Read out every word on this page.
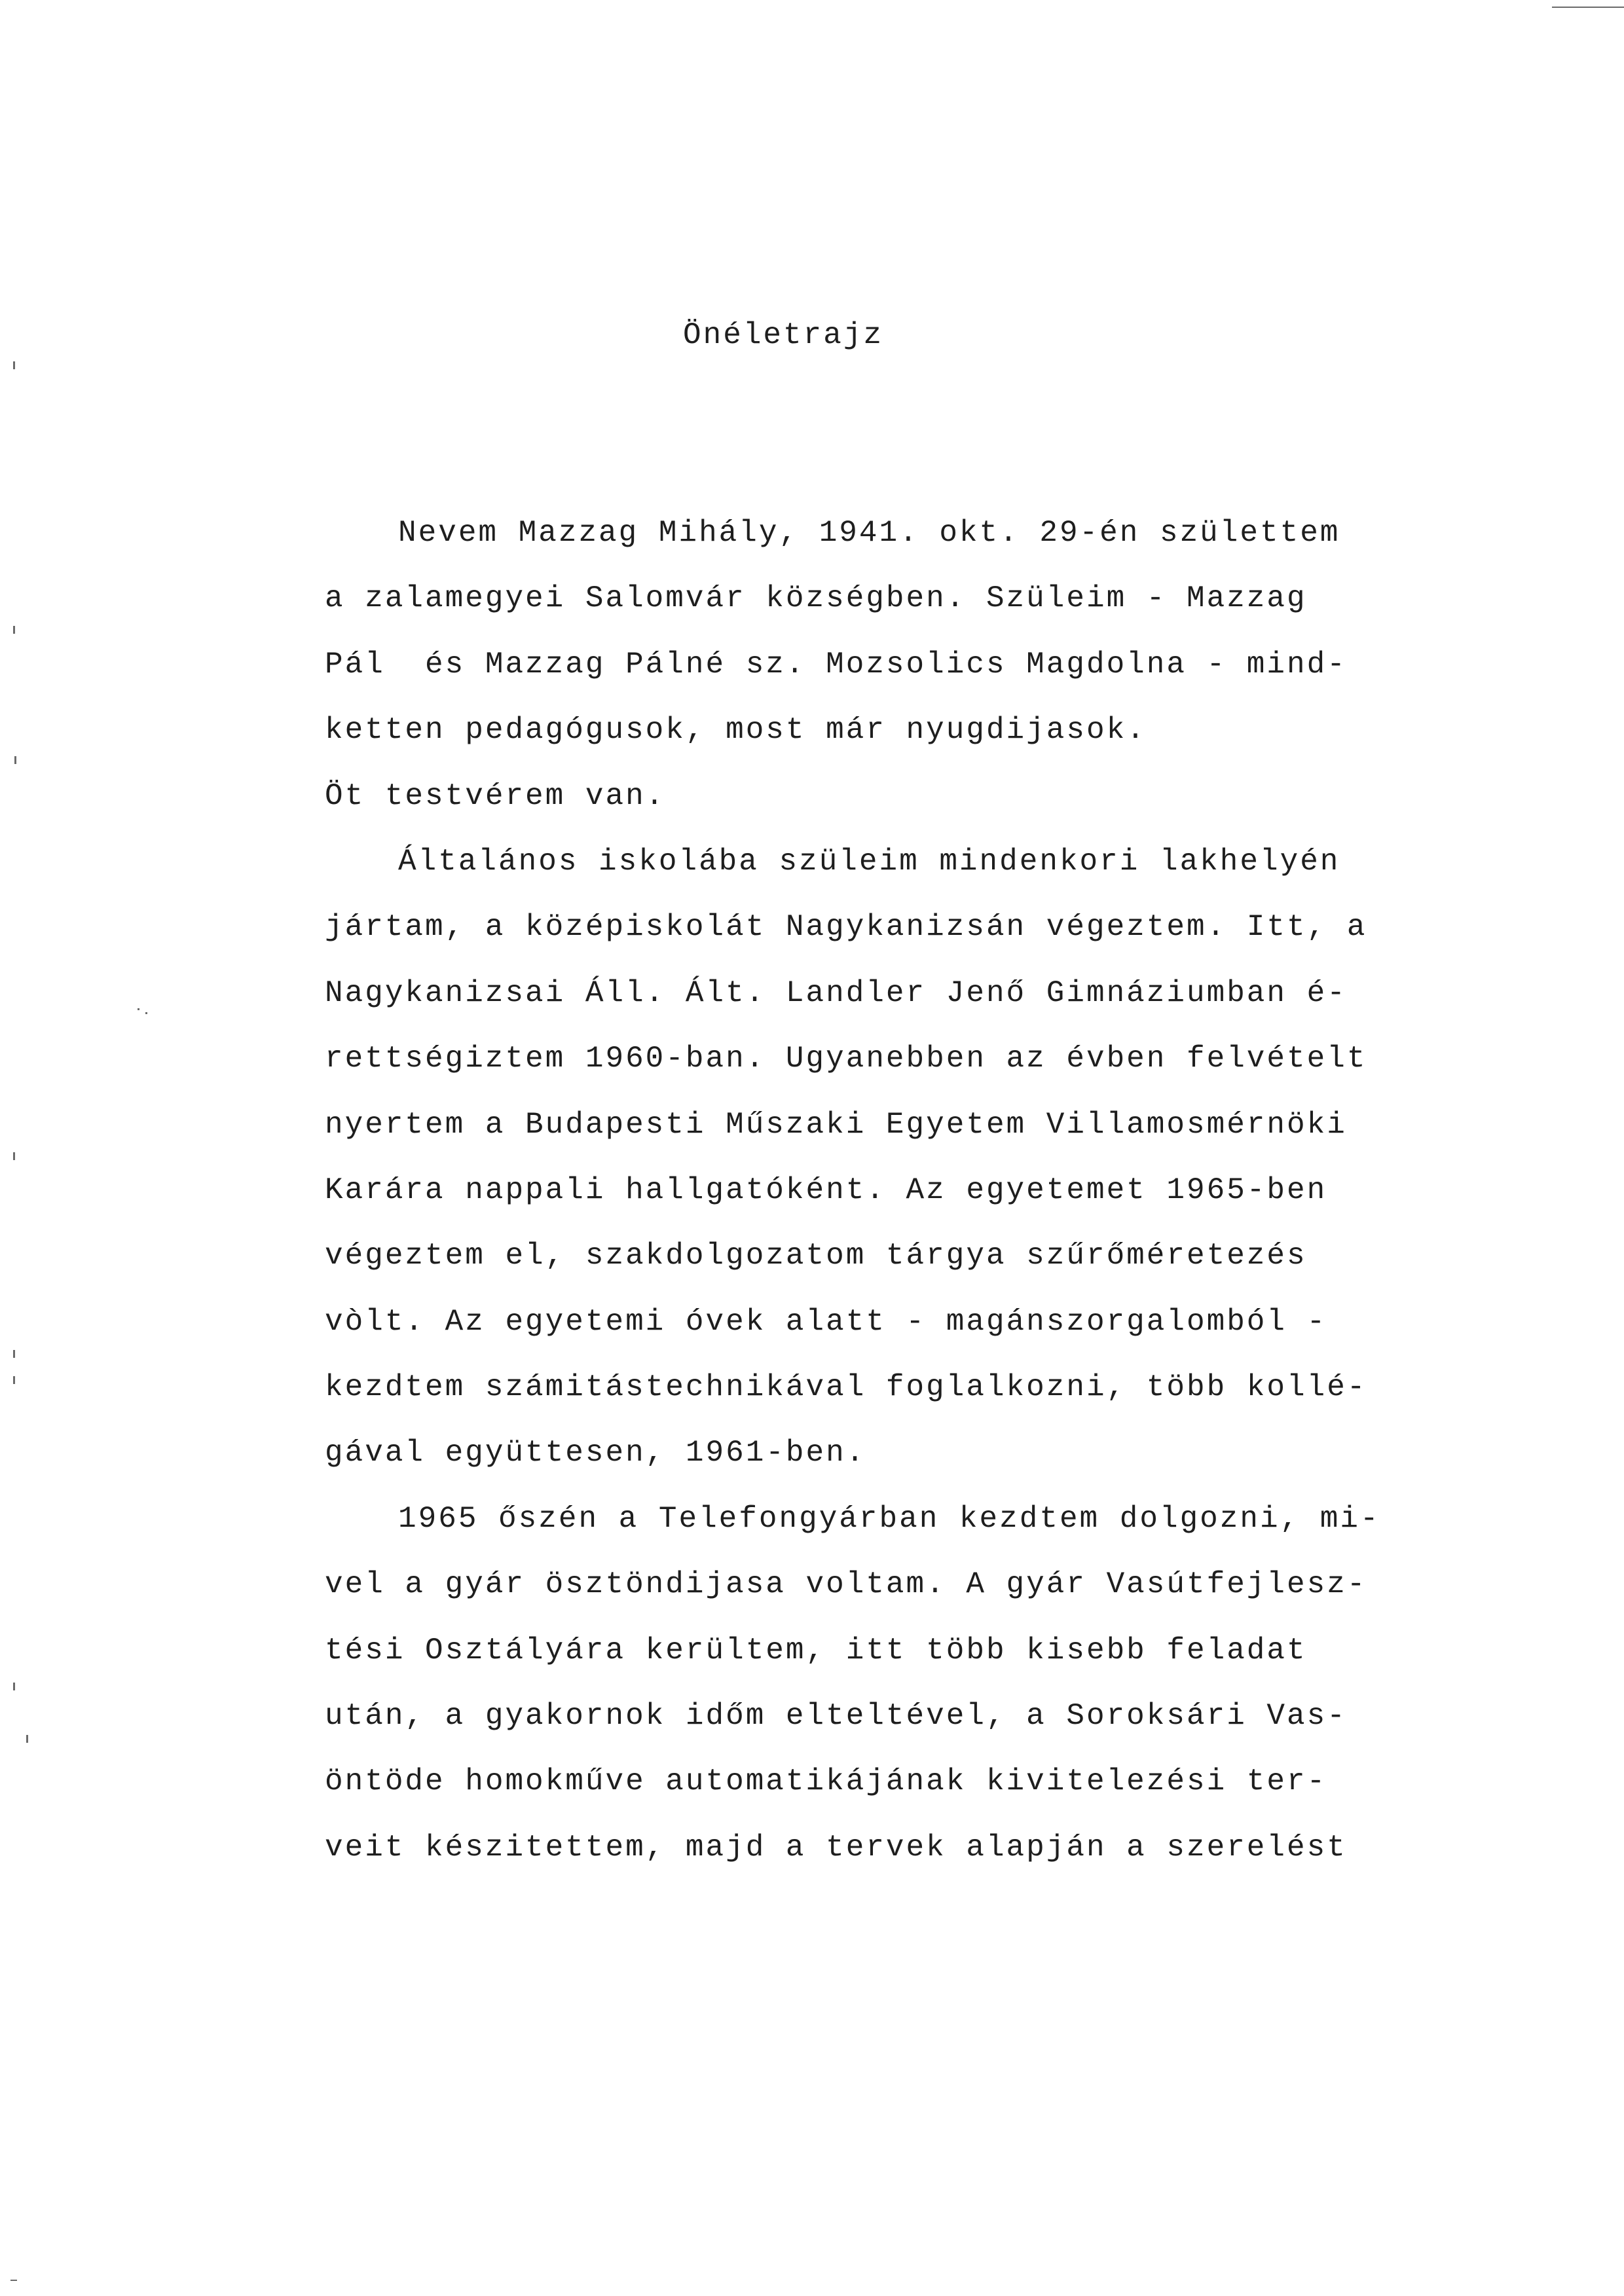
Önéletrajz
Nevem Mazzag Mihály, 1941. okt. 29-én születtem
a zalamegyei Salomvár községben. Szüleim - Mazzag
Pál  és Mazzag Pálné sz. Mozsolics Magdolna - mind-
ketten pedagógusok, most már nyugdijasok.
Öt testvérem van.
Általános iskolába szüleim mindenkori lakhelyén
jártam, a középiskolát Nagykanizsán végeztem. Itt, a
Nagykanizsai Áll. Ált. Landler Jenő Gimnáziumban é-
rettségiztem 1960-ban. Ugyanebben az évben felvételt
nyertem a Budapesti Műszaki Egyetem Villamosmérnöki
Karára nappali hallgatóként. Az egyetemet 1965-ben
végeztem el, szakdolgozatom tárgya szűrőméretezés
vòlt. Az egyetemi óvek alatt - magánszorgalomból -
kezdtem számitástechnikával foglalkozni, több kollé-
gával együttesen, 1961-ben.
1965 őszén a Telefongyárban kezdtem dolgozni, mi-
vel a gyár ösztöndijasa voltam. A gyár Vasútfejlesz-
tési Osztályára kerültem, itt több kisebb feladat
után, a gyakornok időm elteltével, a Soroksári Vas-
öntöde homokműve automatikájának kivitelezési ter-
veit készitettem, majd a tervek alapján a szerelést
